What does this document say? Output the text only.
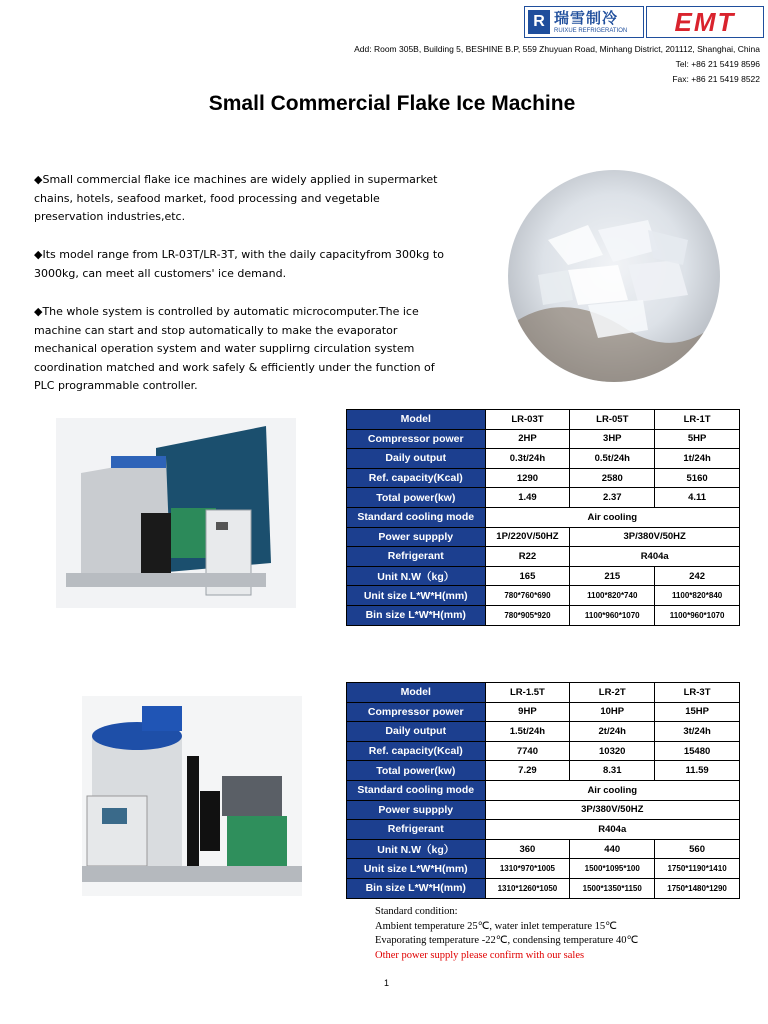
R 瑞雪制冷
RUIXUE REFRIGERATION EMT
Add: Room 305B, Building 5, BESHINE B.P, 559 Zhuyuan Road, Minhang District, 201112, Shanghai, China
Tel: +86 21 5419 8596
Fax: +86 21 5419 8522
Small Commercial Flake Ice Machine
◆Small commercial flake ice machines are widely applied in supermarket chains, hotels, seafood market, food processing and vegetable preservation industries,etc.
◆Its model range from LR-03T/LR-3T, with the daily capacityfrom 300kg to 3000kg, can meet all customers' ice demand.
◆The whole system is controlled by automatic microcomputer.The ice machine can start and stop automatically to make the evaporator mechanical operation system and water supplirng circulation system coordination matched and work safely & efficiently under the function of PLC programmable controller.
Model	LR-03T	LR-05T	LR-1T
Compressor power	2HP	3HP	5HP
Daily output	0.3t/24h	0.5t/24h	1t/24h
Ref. capacity(Kcal)	1290	2580	5160
Total power(kw)	1.49	2.37	4.11
Standard cooling mode	Air cooling		
Power suppply	1P/220V/50HZ	3P/380V/50HZ	
Refrigerant	R22	R404a	
Unit N.W（kg）	165	215	242
Unit size L*W*H(mm)	780*760*690	1100*820*740	1100*820*840
Bin size L*W*H(mm)	780*905*920	1100*960*1070	1100*960*1070
Model	LR-1.5T	LR-2T	LR-3T
Compressor power	9HP	10HP	15HP
Daily output	1.5t/24h	2t/24h	3t/24h
Ref. capacity(Kcal)	7740	10320	15480
Total power(kw)	7.29	8.31	11.59
Standard cooling mode	Air cooling		
Power suppply	3P/380V/50HZ		
Refrigerant	R404a		
Unit N.W（kg）	360	440	560
Unit size L*W*H(mm)	1310*970*1005	1500*1095*100	1750*1190*1410
Bin size L*W*H(mm)	1310*1260*1050	1500*1350*1150	1750*1480*1290
Standard condition:
Ambient temperature 25℃, water inlet temperature 15℃
Evaporating temperature -22℃, condensing temperature 40℃
Other power supply please confirm with our sales
1
